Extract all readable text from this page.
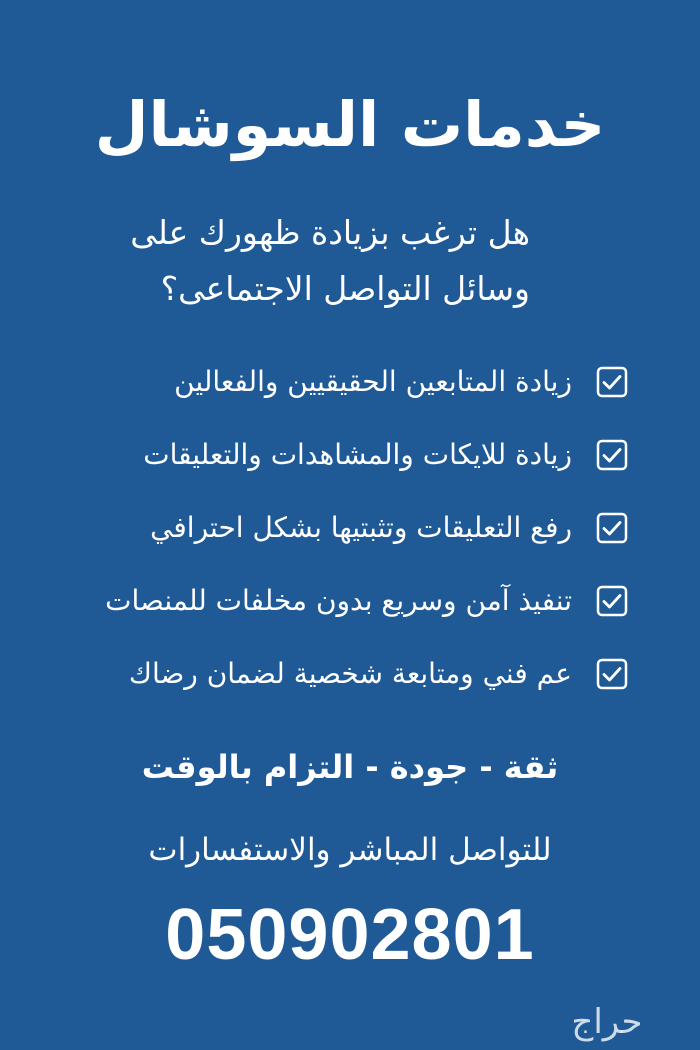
خدمات السوشال
هل ترغب بزيادة ظهورك على
وسائل التواصل الاجتماعى؟
زيادة المتابعين الحقيقيين والفعالين
زيادة للايكات والمشاهدات والتعليقات
رفع التعليقات وتثبتيها بشكل احترافي
تنفيذ آمن وسريع بدون مخلفات للمنصات
عم فني ومتابعة شخصية لضمان رضاك
ثقة - جودة - التزام بالوقت
للتواصل المباشر والاستفسارات
050902801
حراج
